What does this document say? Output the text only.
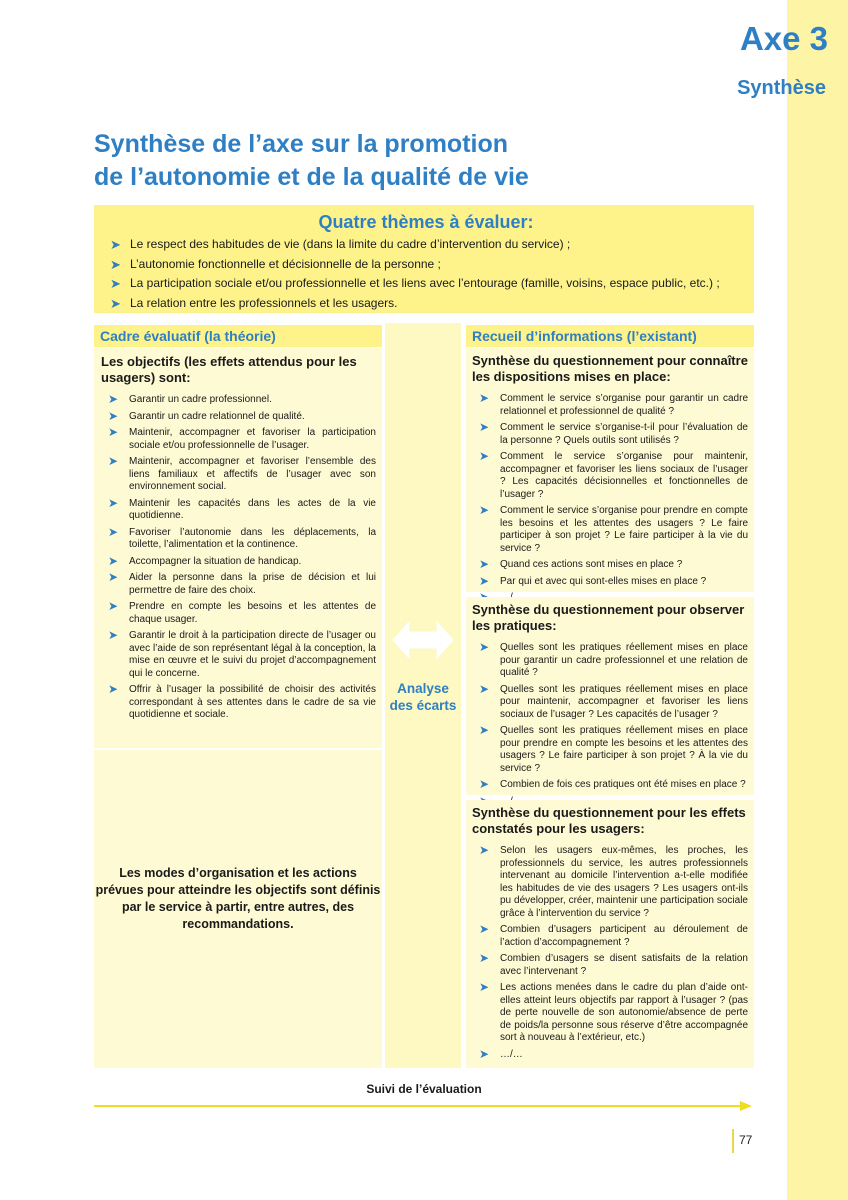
Axe 3
Synthèse
Synthèse de l’axe sur la promotion
de l’autonomie et de la qualité de vie
Quatre thèmes à évaluer:
➤ Le respect des habitudes de vie (dans la limite du cadre d’intervention du service) ;
➤ L’autonomie fonctionnelle et décisionnelle de la personne ;
➤ La participation sociale et/ou professionnelle et les liens avec l’entourage (famille, voisins, espace public, etc.) ;
➤ La relation entre les professionnels et les usagers.
Cadre évaluatif (la théorie)	Recueil d’informations (l’existant)
Les objectifs (les effets attendus pour les usagers) sont:
➤ Garantir un cadre professionnel.
➤ Garantir un cadre relationnel de qualité.
➤ Maintenir, accompagner et favoriser la participation sociale et/ou professionnelle de l’usager.
➤ Maintenir, accompagner et favoriser l’ensemble des liens familiaux et affectifs de l’usager avec son environnement social.
➤ Maintenir les capacités dans les actes de la vie quotidienne.
➤ Favoriser l’autonomie dans les déplacements, la toilette, l’alimentation et la continence.
➤ Accompagner la situation de handicap.
➤ Aider la personne dans la prise de décision et lui permettre de faire des choix.
➤ Prendre en compte les besoins et les attentes de chaque usager.
➤ Garantir le droit à la participation directe de l’usager ou avec l’aide de son représentant légal à la conception, la mise en œuvre et le suivi du projet d’accompagnement qui le concerne.
➤ Offrir à l’usager la possibilité de choisir des activités correspondant à ses attentes dans le cadre de sa vie quotidienne et sociale.
Les modes d’organisation et les actions prévues pour atteindre les objectifs sont définis par le service à partir, entre autres, des recommandations.
Analyse
des écarts
Synthèse du questionnement pour connaître les dispositions mises en place:
➤ Comment le service s’organise pour garantir un cadre relationnel et professionnel de qualité ?
➤ Comment le service s’organise-t-il pour l’évaluation de la personne ? Quels outils sont utilisés ?
➤ Comment le service s’organise pour maintenir, accompagner et favoriser les liens sociaux de l’usager ? Les capacités décisionnelles et fonctionnelles de l’usager ?
➤ Comment le service s’organise pour prendre en compte les besoins et les attentes des usagers ? Le faire participer à son projet ? Le faire participer à la vie du service ?
➤ Quand ces actions sont mises en place ?
➤ Par qui et avec qui sont-elles mises en place ?
Synthèse du questionnement pour observer les pratiques:
➤ Quelles sont les pratiques réellement mises en place pour garantir un cadre professionnel et une relation de qualité ?
➤ Quelles sont les pratiques réellement mises en place pour maintenir, accompagner et favoriser les liens sociaux de l’usager ? Les capacités de l’usager ?
➤ Quelles sont les pratiques réellement mises en place pour prendre en compte les besoins et les attentes des usagers ? Le faire participer à son projet ? À la vie du service ?
➤ Combien de fois ces pratiques ont été mises en place ?
Synthèse du questionnement pour les effets constatés pour les usagers:
➤ Selon les usagers eux-mêmes, les proches, les professionnels du service, les autres professionnels intervenant au domicile l’intervention a-t-elle modifiée les habitudes de vie des usagers ? Les usagers ont-ils pu développer, créer, maintenir une participation sociale grâce à l’intervention du service ?
➤ Combien d’usagers participent au déroulement de l’action d’accompagnement ?
➤ Combien d’usagers se disent satisfaits de la relation avec l’intervenant ?
➤ Les actions menées dans le cadre du plan d’aide ont-elles atteint leurs objectifs par rapport à l’usager ? (pas de perte nouvelle de son autonomie/absence de perte de poids/la personne sous réserve d’être accompagnée sort à nouveau à l’extérieur, etc.)
➤ …/…
Suivi de l’évaluation
77
